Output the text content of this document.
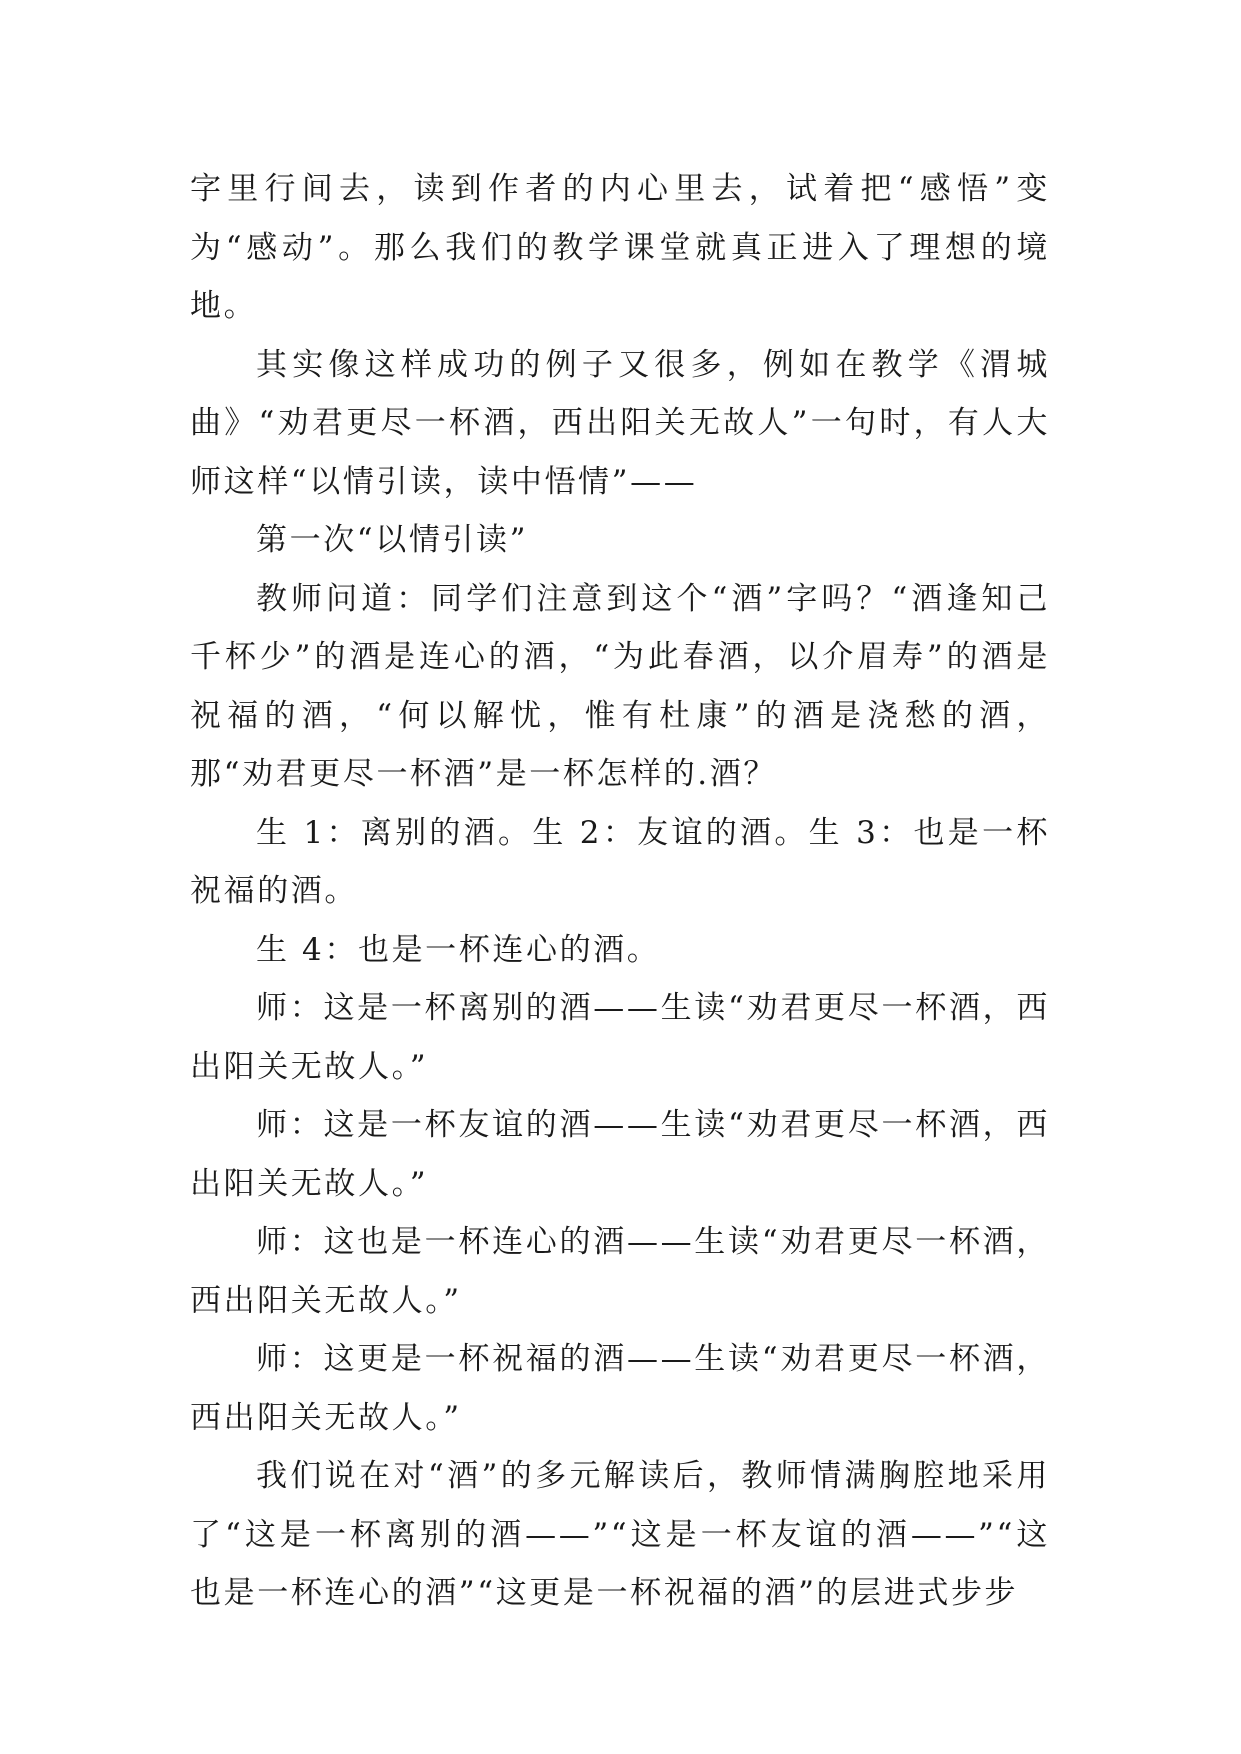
字里行间去，读到作者的内心里去，试着把“感悟”变为“感动”。那么我们的教学课堂就真正进入了理想的境地。

其实像这样成功的例子又很多，例如在教学《渭城曲》“劝君更尽一杯酒，西出阳关无故人”一句时，有人大师这样“以情引读，读中悟情”——

第一次“以情引读”

教师问道：同学们注意到这个“酒”字吗？“酒逢知己千杯少”的酒是连心的酒，“为此春酒，以介眉寿”的酒是祝福的酒，“何以解忧，惟有杜康”的酒是浇愁的酒，那“劝君更尽一杯酒”是一杯怎样的.酒？

生 1：离别的酒。生 2：友谊的酒。生 3：也是一杯祝福的酒。

生 4：也是一杯连心的酒。

师：这是一杯离别的酒——生读“劝君更尽一杯酒，西出阳关无故人。”

师：这是一杯友谊的酒——生读“劝君更尽一杯酒，西出阳关无故人。”

师：这也是一杯连心的酒——生读“劝君更尽一杯酒，西出阳关无故人。”

师：这更是一杯祝福的酒——生读“劝君更尽一杯酒，西出阳关无故人。”

我们说在对“酒”的多元解读后，教师情满胸腔地采用了“这是一杯离别的酒——”“这是一杯友谊的酒——”“这也是一杯连心的酒”“这更是一杯祝福的酒”的层进式步步
